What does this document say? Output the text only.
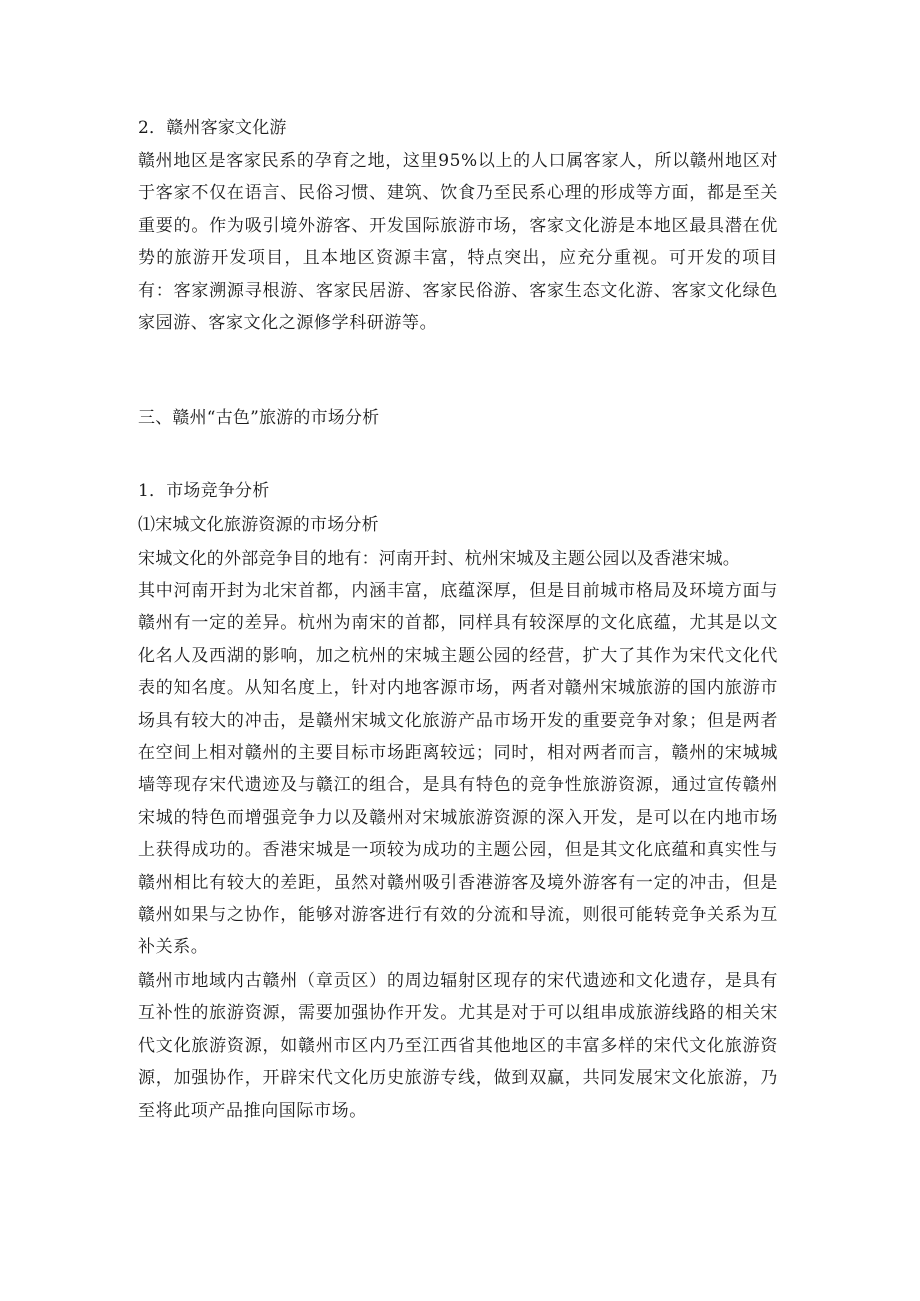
2．赣州客家文化游

赣州地区是客家民系的孕育之地，这里95%以上的人口属客家人，所以赣州地区对于客家不仅在语言、民俗习惯、建筑、饮食乃至民系心理的形成等方面，都是至关重要的。作为吸引境外游客、开发国际旅游市场，客家文化游是本地区最具潜在优势的旅游开发项目，且本地区资源丰富，特点突出，应充分重视。可开发的项目有：客家溯源寻根游、客家民居游、客家民俗游、客家生态文化游、客家文化绿色家园游、客家文化之源修学科研游等。

三、赣州“古色”旅游的市场分析
1．市场竞争分析
⑴宋城文化旅游资源的市场分析
宋城文化的外部竞争目的地有：河南开封、杭州宋城及主题公园以及香港宋城。

其中河南开封为北宋首都，内涵丰富，底蕴深厚，但是目前城市格局及环境方面与赣州有一定的差异。杭州为南宋的首都，同样具有较深厚的文化底蕴，尤其是以文化名人及西湖的影响，加之杭州的宋城主题公园的经营，扩大了其作为宋代文化代表的知名度。从知名度上，针对内地客源市场，两者对赣州宋城旅游的国内旅游市场具有较大的冲击，是赣州宋城文化旅游产品市场开发的重要竞争对象；但是两者在空间上相对赣州的主要目标市场距离较远；同时，相对两者而言，赣州的宋城城墙等现存宋代遗迹及与赣江的组合，是具有特色的竞争性旅游资源，通过宣传赣州宋城的特色而增强竞争力以及赣州对宋城旅游资源的深入开发，是可以在内地市场上获得成功的。香港宋城是一项较为成功的主题公园，但是其文化底蕴和真实性与赣州相比有较大的差距，虽然对赣州吸引香港游客及境外游客有一定的冲击，但是赣州如果与之协作，能够对游客进行有效的分流和导流，则很可能转竞争关系为互补关系。

赣州市地域内古赣州（章贡区）的周边辐射区现存的宋代遗迹和文化遗存，是具有互补性的旅游资源，需要加强协作开发。尤其是对于可以组串成旅游线路的相关宋代文化旅游资源，如赣州市区内乃至江西省其他地区的丰富多样的宋代文化旅游资源，加强协作，开辟宋代文化历史旅游专线，做到双赢，共同发展宋文化旅游，乃至将此项产品推向国际市场。
